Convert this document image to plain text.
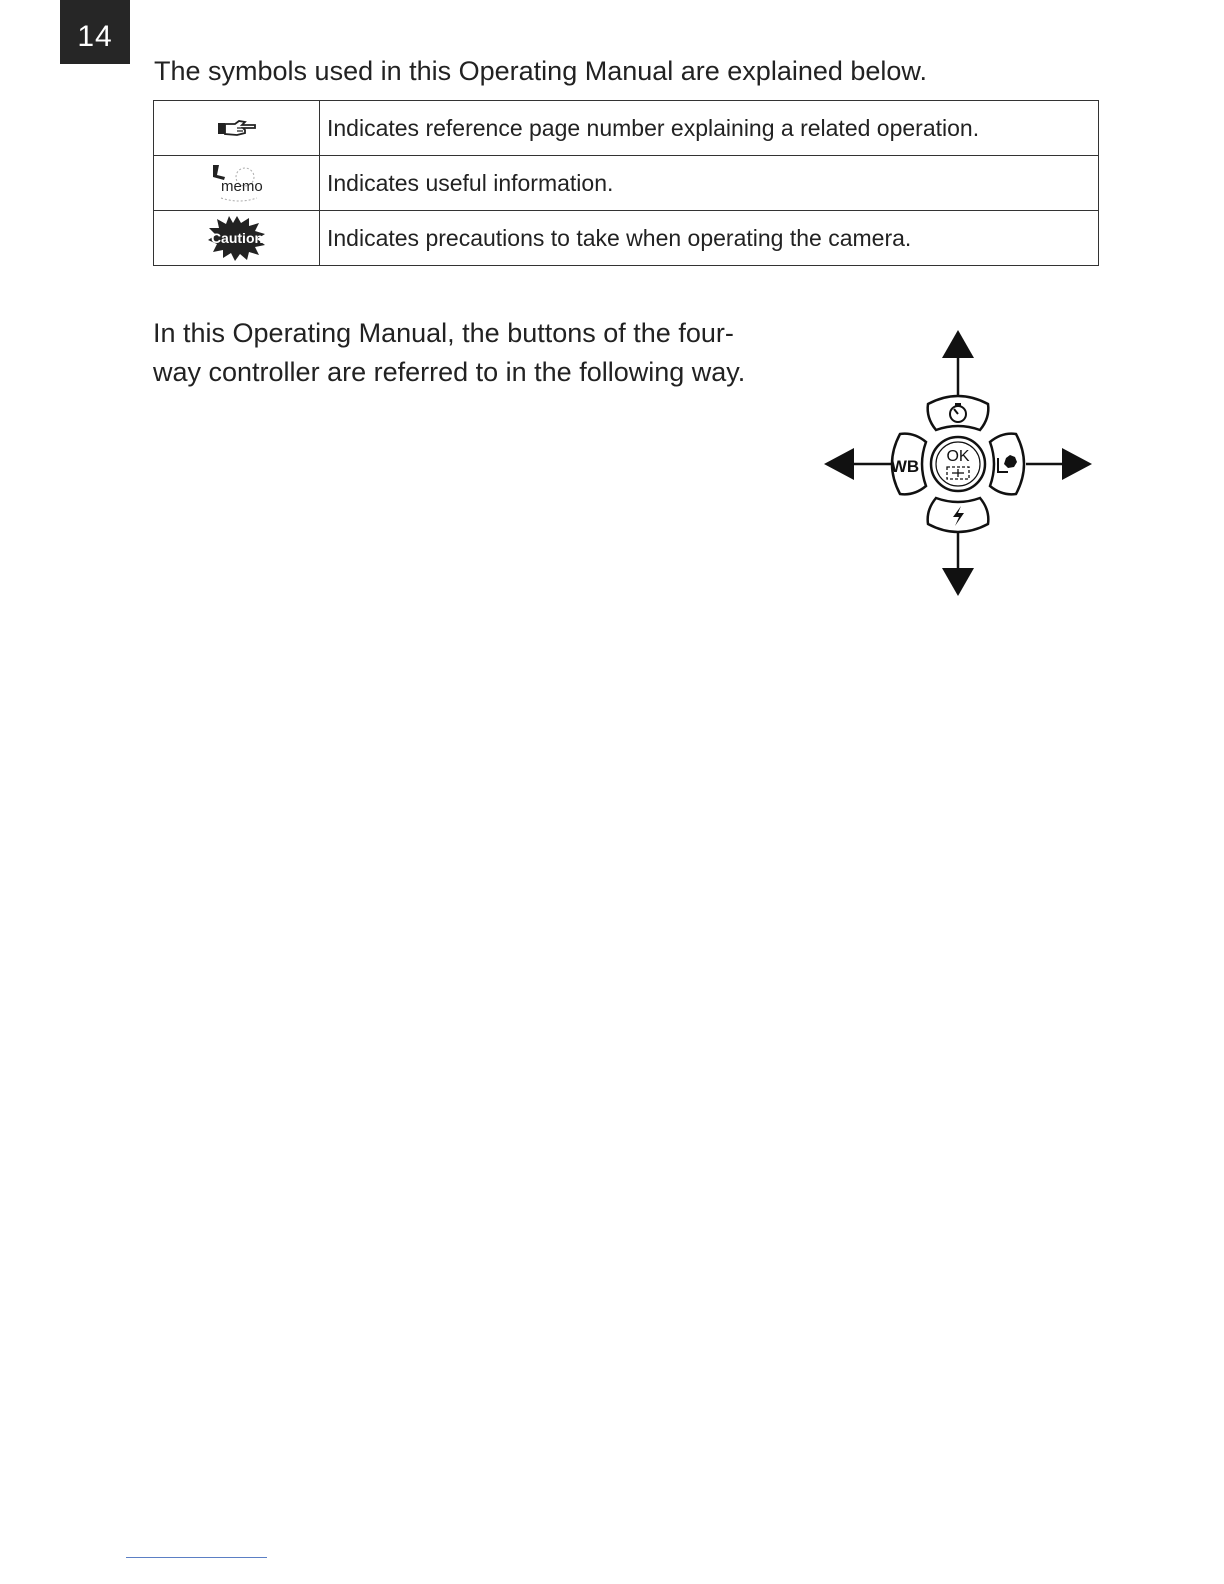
14
The symbols used in this Operating Manual are explained below.
	Indicates reference page number explaining a related operation.

memo	Indicates useful information.

Caution	Indicates precautions to take when operating the camera.
In this Operating Manual, the buttons of the four-
way controller are referred to in the following way.
WB
OK
